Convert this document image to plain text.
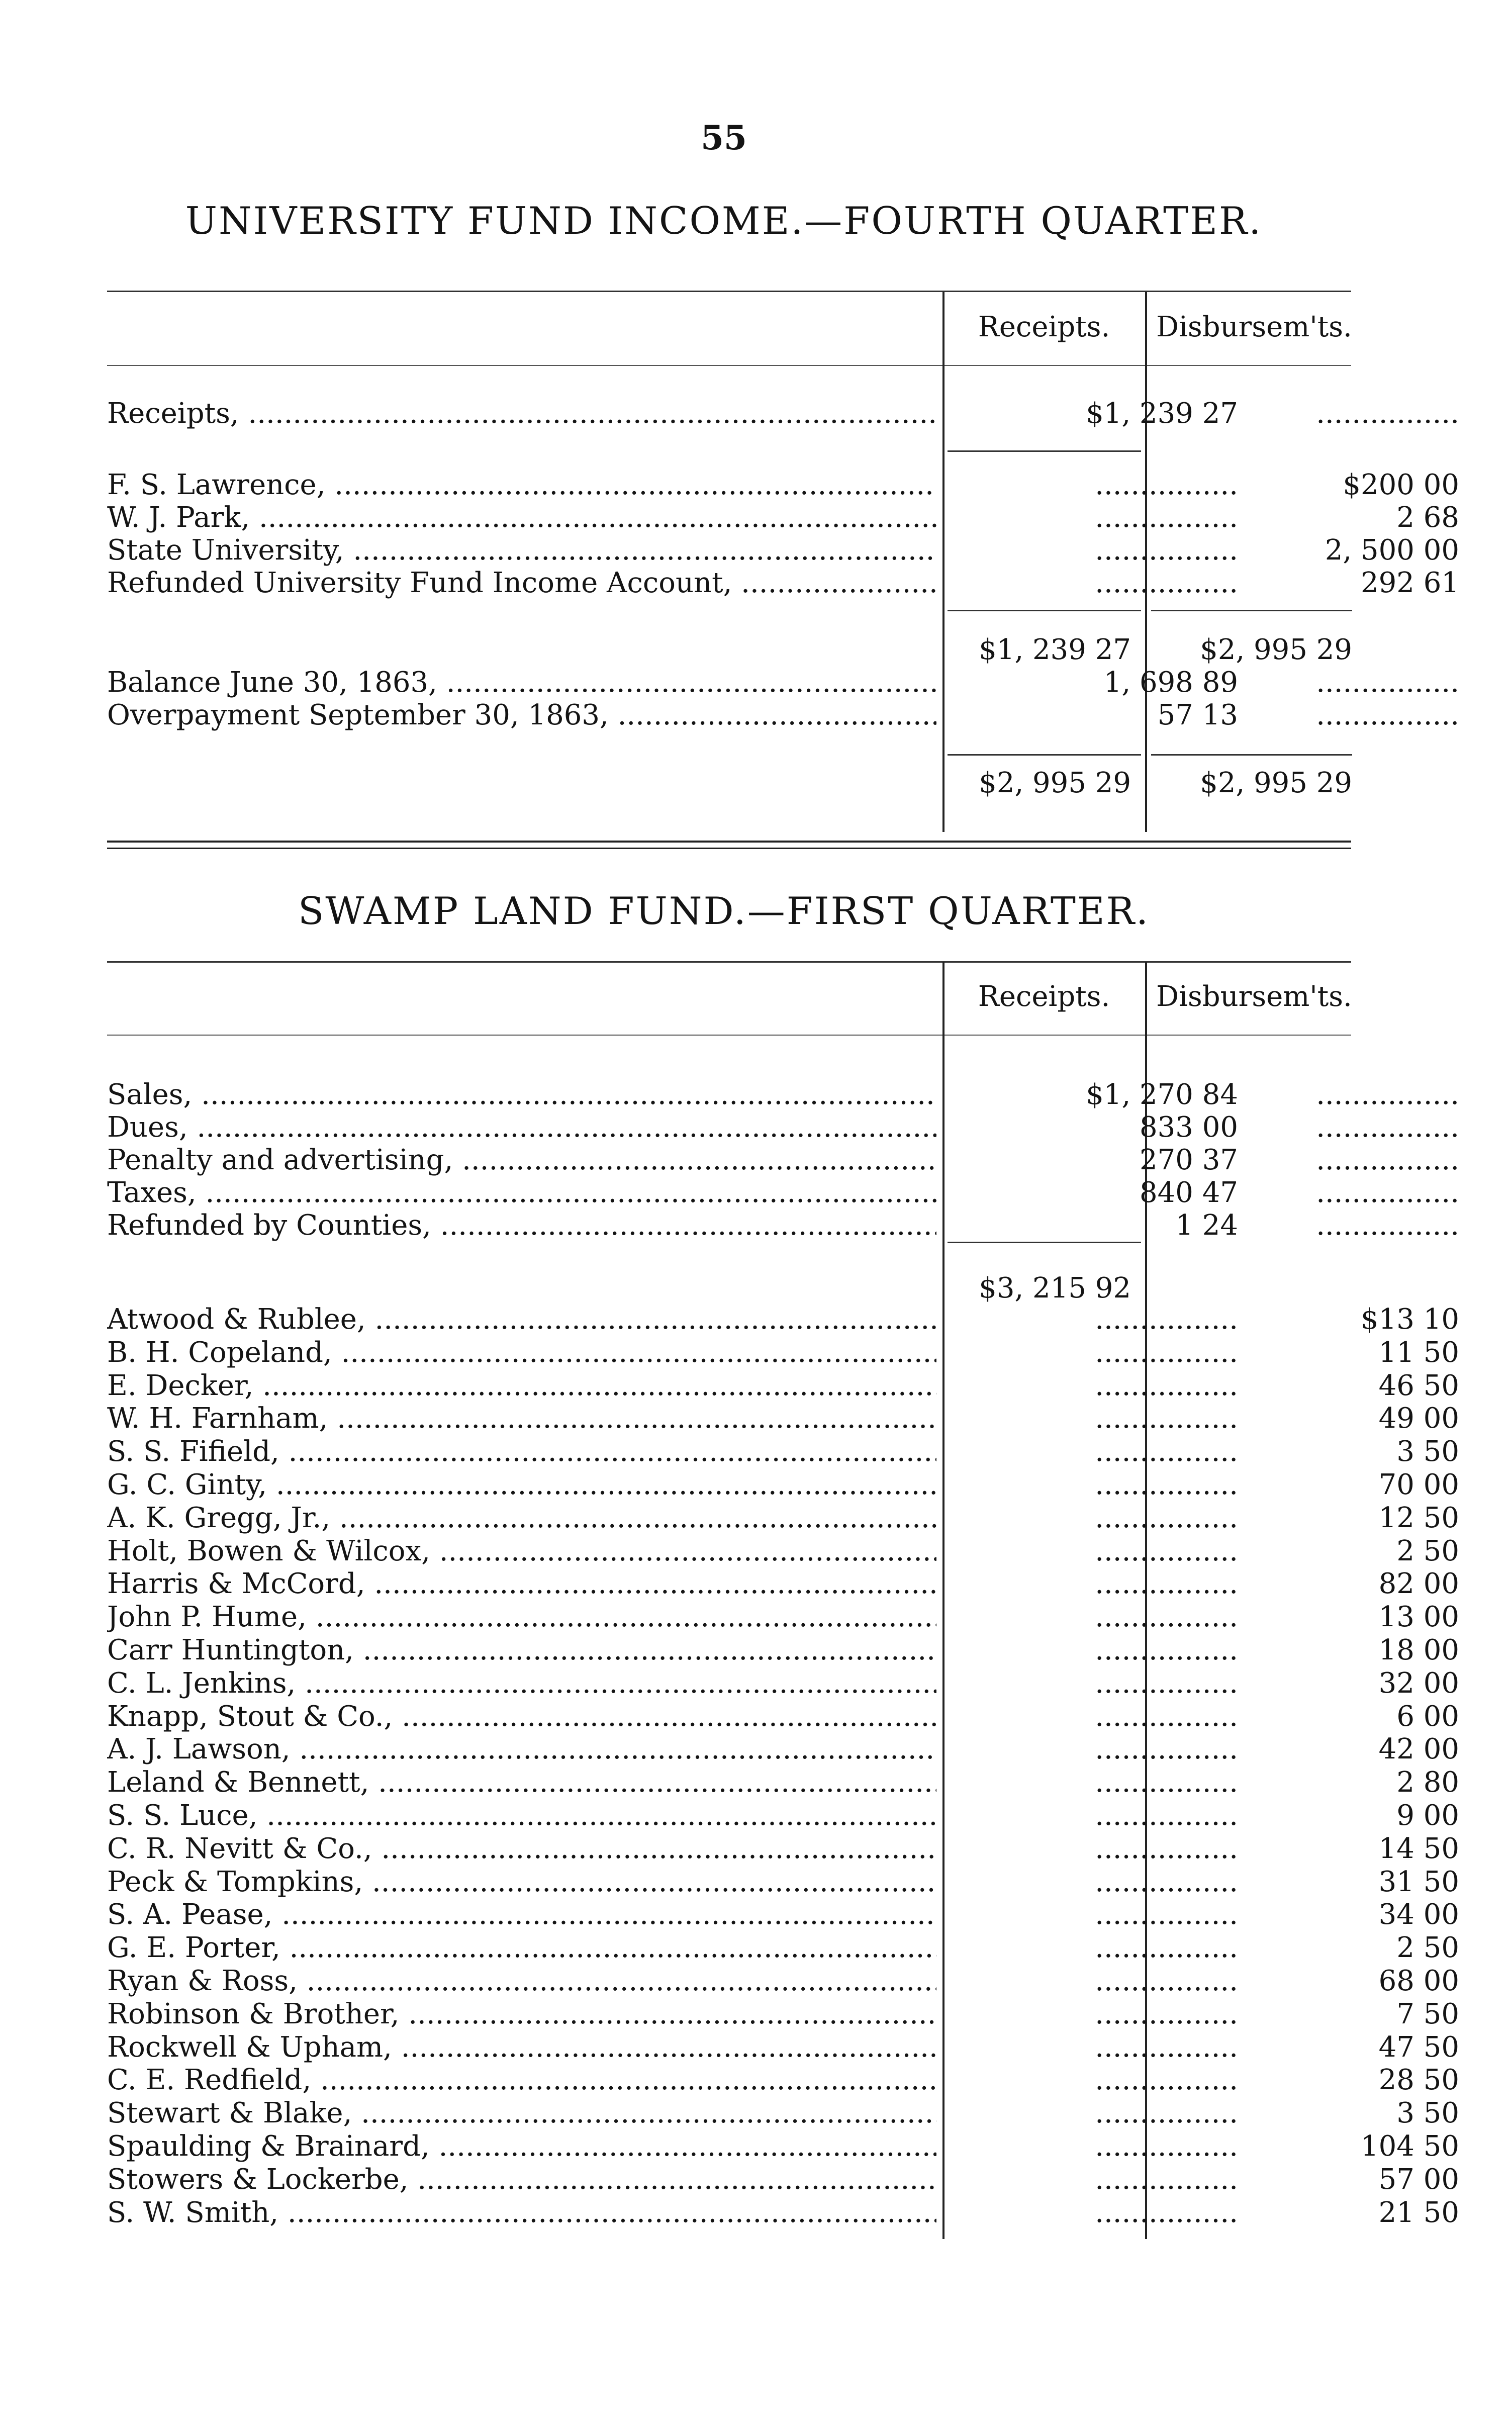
55
UNIVERSITY FUND INCOME.—FOURTH QUARTER.
Receipts.	Disbursem'ts.
Receipts, .....	$1, 239 27	................
F. S. Lawrence, .....	................	$200 00
W. J. Park, .....	................	2 68
State University, .....	................	2, 500 00
Refunded University Fund Income Account, .....	................	292 61
$1, 239 27	$2, 995 29
Balance June 30, 1863, .....	1, 698 89	................
Overpayment September 30, 1863, .....	57 13	................
$2, 995 29	$2, 995 29
SWAMP LAND FUND.—FIRST QUARTER.
Receipts.	Disbursem'ts.
Sales, .....	$1, 270 84	................
Dues, .....	833 00	................
Penalty and advertising, .....	270 37	................
Taxes, .....	840 47	................
Refunded by Counties, .....	1 24	................
$3, 215 92
Atwood & Rublee, .....	................	$13 10
B. H. Copeland, .....	................	11 50
E. Decker, .....	................	46 50
W. H. Farnham, .....	................	49 00
S. S. Fifield, .....	................	3 50
G. C. Ginty, .....	................	70 00
A. K. Gregg, Jr., .....	................	12 50
Holt, Bowen & Wilcox, .....	................	2 50
Harris & McCord, .....	................	82 00
John P. Hume, .....	................	13 00
Carr Huntington, .....	................	18 00
C. L. Jenkins, .....	................	32 00
Knapp, Stout & Co., .....	................	6 00
A. J. Lawson, .....	................	42 00
Leland & Bennett, .....	................	2 80
S. S. Luce, .....	................	9 00
C. R. Nevitt & Co., .....	................	14 50
Peck & Tompkins, .....	................	31 50
S. A. Pease, .....	................	34 00
G. E. Porter, .....	................	2 50
Ryan & Ross, .....	................	68 00
Robinson & Brother, .....	................	7 50
Rockwell & Upham, .....	................	47 50
C. E. Redfield, .....	................	28 50
Stewart & Blake, .....	................	3 50
Spaulding & Brainard, .....	................	104 50
Stowers & Lockerbe, .....	................	57 00
S. W. Smith, .....	................	21 50
